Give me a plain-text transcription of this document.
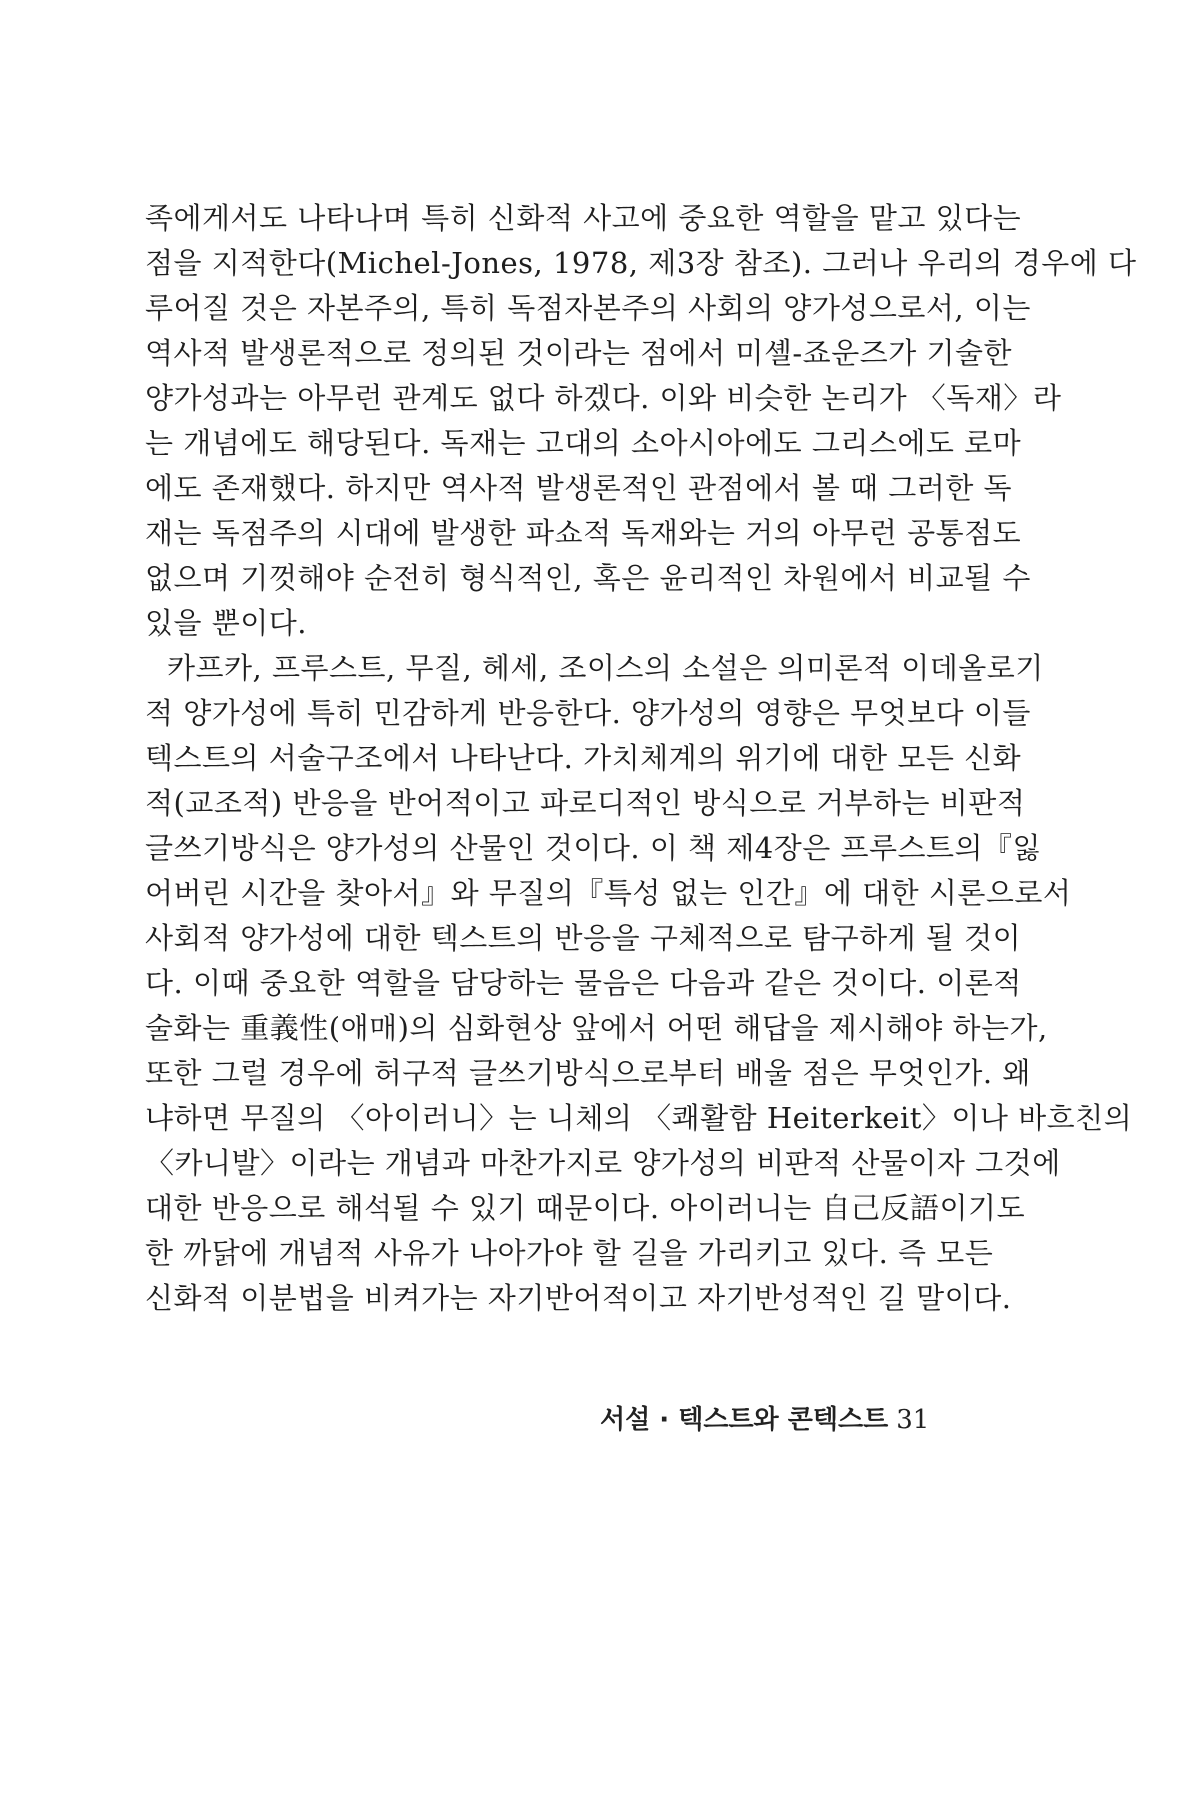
족에게서도 나타나며 특히 신화적 사고에 중요한 역할을 맡고 있다는
점을 지적한다(Michel-Jones, 1978, 제3장 참조). 그러나 우리의 경우에 다
루어질 것은 자본주의, 특히 독점자본주의 사회의 양가성으로서, 이는
역사적 발생론적으로 정의된 것이라는 점에서 미셸-죠운즈가 기술한
양가성과는 아무런 관계도 없다 하겠다. 이와 비슷한 논리가 〈독재〉라
는 개념에도 해당된다. 독재는 고대의 소아시아에도 그리스에도 로마
에도 존재했다. 하지만 역사적 발생론적인 관점에서 볼 때 그러한 독
재는 독점주의 시대에 발생한 파쇼적 독재와는 거의 아무런 공통점도
없으며 기껏해야 순전히 형식적인, 혹은 윤리적인 차원에서 비교될 수
있을 뿐이다.
카프카, 프루스트, 무질, 헤세, 조이스의 소설은 의미론적 이데올로기
적 양가성에 특히 민감하게 반응한다. 양가성의 영향은 무엇보다 이들
텍스트의 서술구조에서 나타난다. 가치체계의 위기에 대한 모든 신화
적(교조적) 반응을 반어적이고 파로디적인 방식으로 거부하는 비판적
글쓰기방식은 양가성의 산물인 것이다. 이 책 제4장은 프루스트의『잃
어버린 시간을 찾아서』와 무질의『특성 없는 인간』에 대한 시론으로서
사회적 양가성에 대한 텍스트의 반응을 구체적으로 탐구하게 될 것이
다. 이때 중요한 역할을 담당하는 물음은 다음과 같은 것이다. 이론적
술화는 重義性(애매)의 심화현상 앞에서 어떤 해답을 제시해야 하는가,
또한 그럴 경우에 허구적 글쓰기방식으로부터 배울 점은 무엇인가. 왜
냐하면 무질의 〈아이러니〉는 니체의 〈쾌활함 Heiterkeit〉이나 바흐친의
〈카니발〉이라는 개념과 마찬가지로 양가성의 비판적 산물이자 그것에
대한 반응으로 해석될 수 있기 때문이다. 아이러니는 自己反語이기도
한 까닭에 개념적 사유가 나아가야 할 길을 가리키고 있다. 즉 모든
신화적 이분법을 비켜가는 자기반어적이고 자기반성적인 길 말이다.
서설 · 텍스트와 콘텍스트 31
